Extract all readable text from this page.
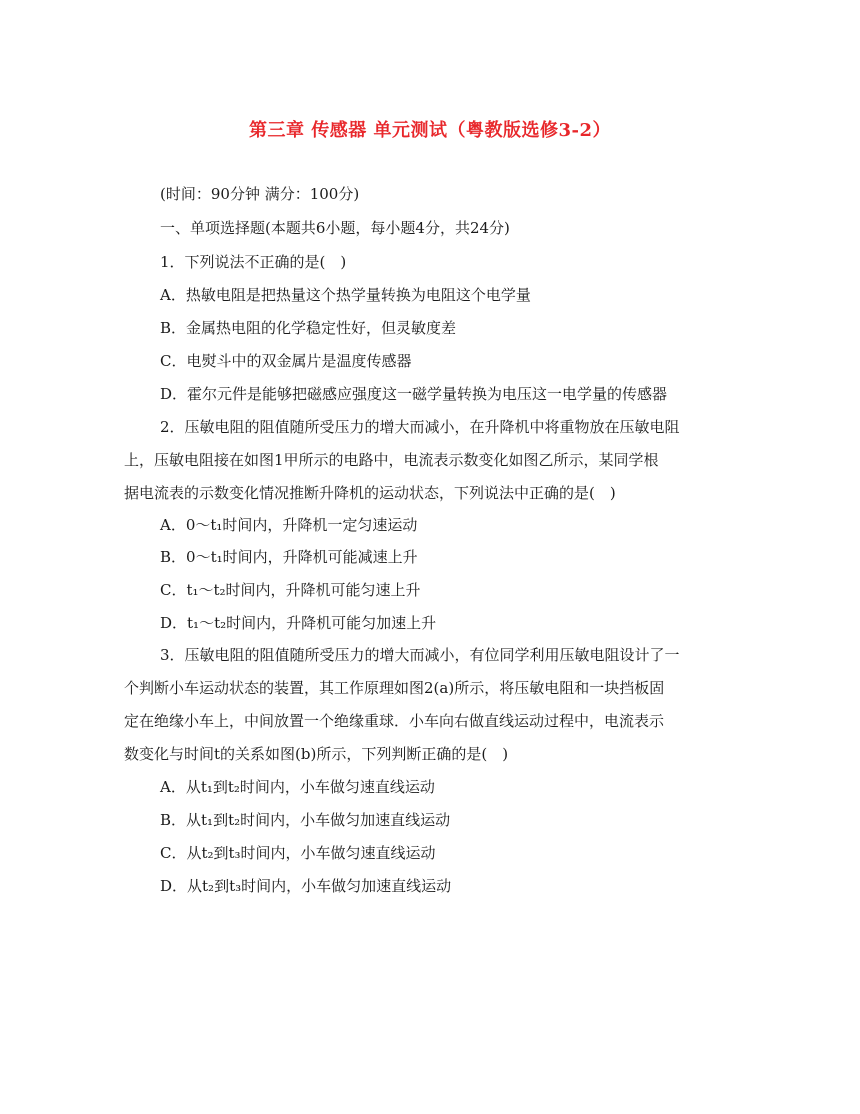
第三章 传感器 单元测试（粤教版选修3-2）
(时间：90分钟 满分：100分)
一、单项选择题(本题共6小题，每小题4分，共24分)
1．下列说法不正确的是(　)
A．热敏电阻是把热量这个热学量转换为电阻这个电学量
B．金属热电阻的化学稳定性好，但灵敏度差
C．电熨斗中的双金属片是温度传感器
D．霍尔元件是能够把磁感应强度这一磁学量转换为电压这一电学量的传感器
2．压敏电阻的阻值随所受压力的增大而减小，在升降机中将重物放在压敏电阻
上，压敏电阻接在如图1甲所示的电路中，电流表示数变化如图乙所示，某同学根
据电流表的示数变化情况推断升降机的运动状态，下列说法中正确的是(　)
A．0～t₁时间内，升降机一定匀速运动
B．0～t₁时间内，升降机可能减速上升
C．t₁～t₂时间内，升降机可能匀速上升
D．t₁～t₂时间内，升降机可能匀加速上升
3．压敏电阻的阻值随所受压力的增大而减小，有位同学利用压敏电阻设计了一
个判断小车运动状态的装置，其工作原理如图2(a)所示，将压敏电阻和一块挡板固
定在绝缘小车上，中间放置一个绝缘重球．小车向右做直线运动过程中，电流表示
数变化与时间t的关系如图(b)所示，下列判断正确的是(　)
A．从t₁到t₂时间内，小车做匀速直线运动
B．从t₁到t₂时间内，小车做匀加速直线运动
C．从t₂到t₃时间内，小车做匀速直线运动
D．从t₂到t₃时间内，小车做匀加速直线运动
